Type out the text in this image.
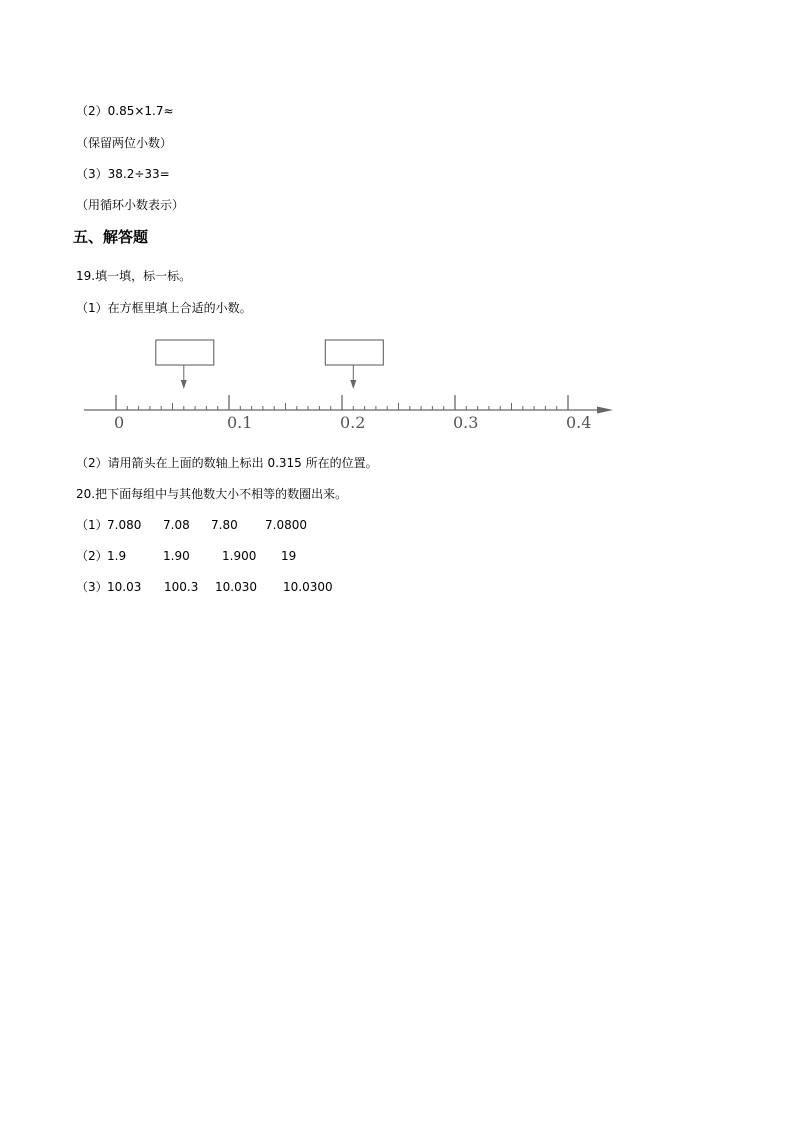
（2）0.85×1.7≈
（保留两位小数）
（3）38.2÷33=
（用循环小数表示）
五、解答题
19.填一填，标一标。
（1）在方框里填上合适的小数。
0	0.1	0.2	0.3	0.4
（2）请用箭头在上面的数轴上标出 0.315 所在的位置。
20.把下面每组中与其他数大小不相等的数圈出来。
（1） 7.080 7.08 7.80 7.0800
（2） 1.9	1.90	1.900 19
（3） 10.03 100.3 10.030 10.0300
